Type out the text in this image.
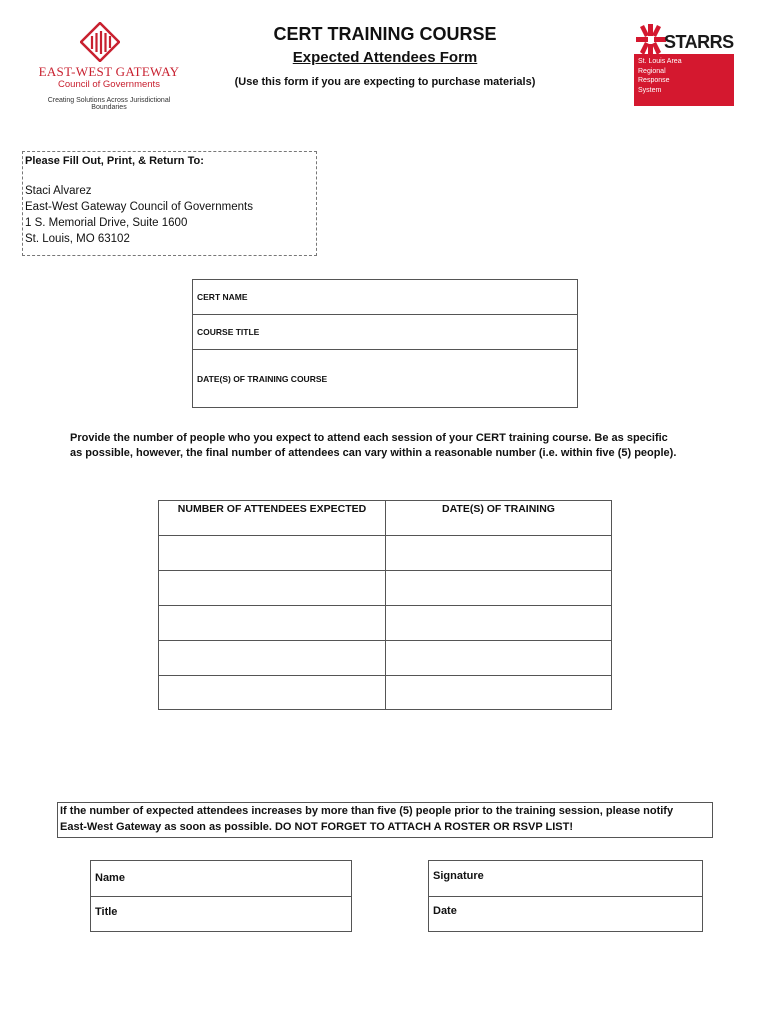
EAST-WEST GATEWAY
Council of Governments
Creating Solutions Across Jurisdictional Boundaries
STARRS
St. Louis Area
Regional
Response
System
CERT TRAINING COURSE
Expected Attendees Form
(Use this form if you are expecting to purchase materials)
Please Fill Out, Print, & Return To:
Staci Alvarez
East-West Gateway Council of Governments
1 S. Memorial Drive, Suite 1600
St. Louis, MO 63102
CERT NAME
COURSE TITLE
DATE(S) OF TRAINING COURSE
Provide the number of people who you expect to attend each session of your CERT training course. Be as specific
as possible, however, the final number of attendees can vary within a reasonable number (i.e. within five (5) people).
NUMBER OF ATTENDEES EXPECTED	DATE(S) OF TRAINING
If the number of expected attendees increases by more than five (5) people prior to the training session, please notify
East-West Gateway as soon as possible. DO NOT FORGET TO ATTACH A ROSTER OR RSVP LIST!
Name
Title
Signature
Date
